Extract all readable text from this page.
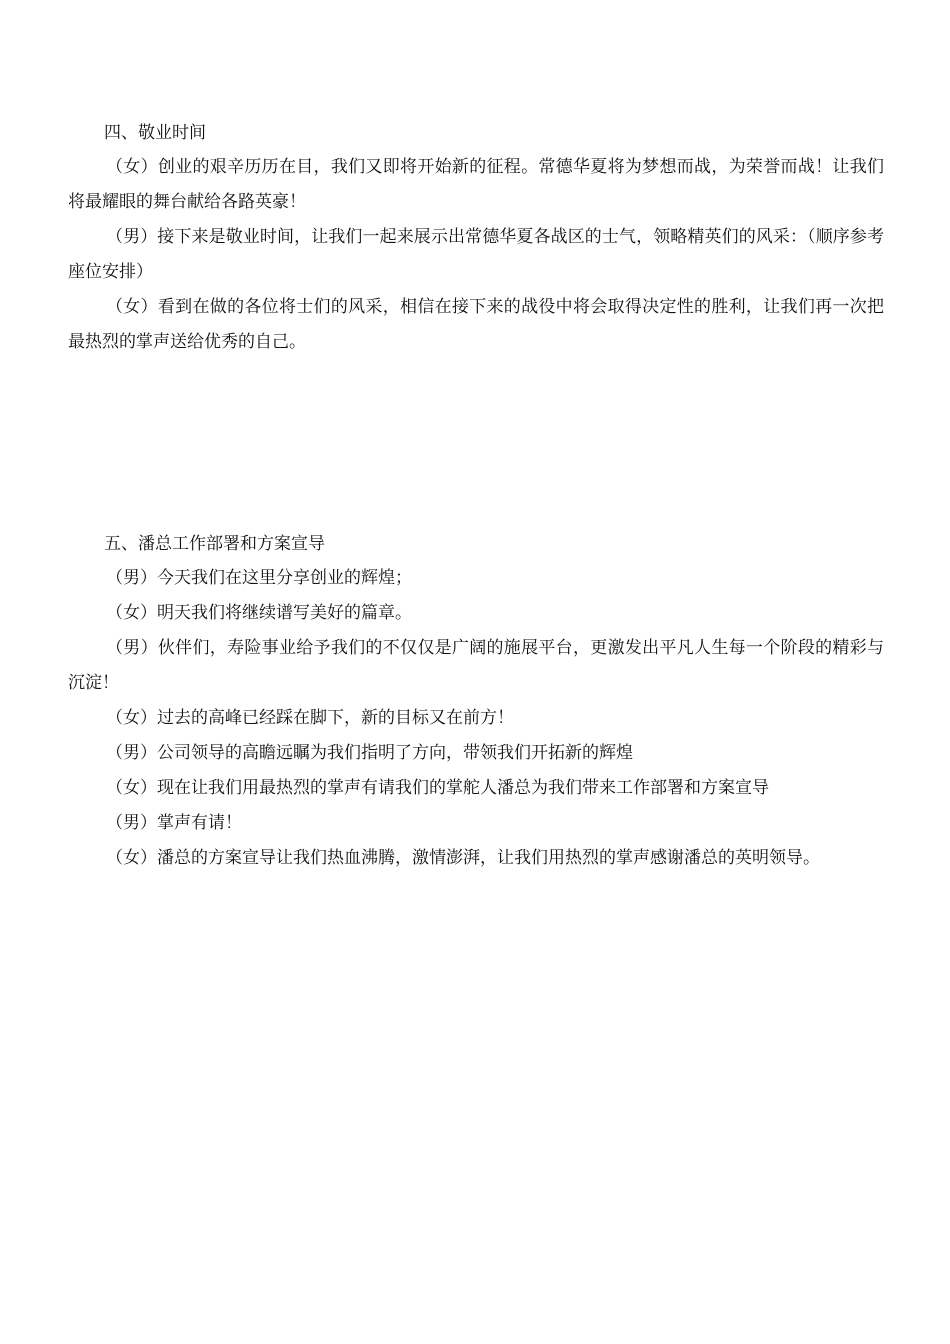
四、敬业时间

（女）创业的艰辛历历在目，我们又即将开始新的征程。常德华夏将为梦想而战，为荣誉而战！让我们将最耀眼的舞台献给各路英豪！

（男）接下来是敬业时间，让我们一起来展示出常德华夏各战区的士气，领略精英们的风采：（顺序参考座位安排）

（女）看到在做的各位将士们的风采，相信在接下来的战役中将会取得决定性的胜利，让我们再一次把最热烈的掌声送给优秀的自己。

五、潘总工作部署和方案宣导

（男）今天我们在这里分享创业的辉煌；

（女）明天我们将继续谱写美好的篇章。

（男）伙伴们，寿险事业给予我们的不仅仅是广阔的施展平台，更激发出平凡人生每一个阶段的精彩与沉淀！

（女）过去的高峰已经踩在脚下，新的目标又在前方！

（男）公司领导的高瞻远瞩为我们指明了方向，带领我们开拓新的辉煌

（女）现在让我们用最热烈的掌声有请我们的掌舵人潘总为我们带来工作部署和方案宣导

（男）掌声有请！

（女）潘总的方案宣导让我们热血沸腾，激情澎湃，让我们用热烈的掌声感谢潘总的英明领导。
